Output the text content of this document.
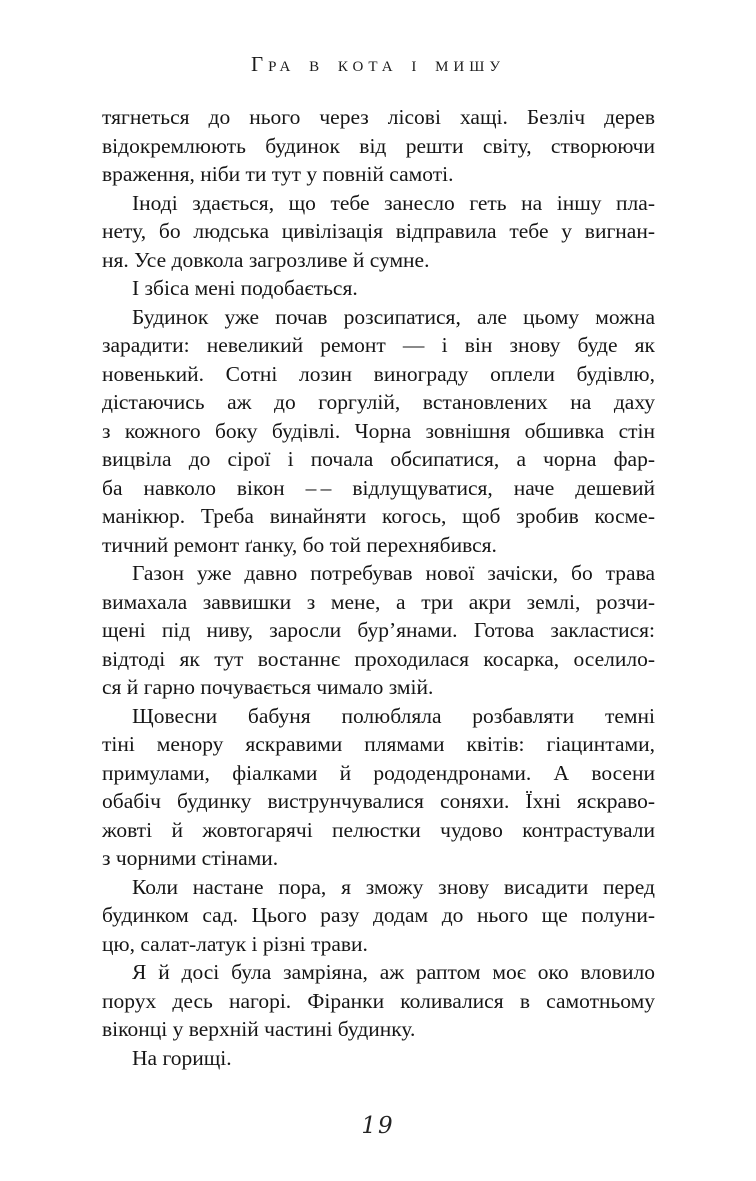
ГРА В КОТА І МИШУ
тягнеться до нього через лісові хащі. Безліч дерев
відокремлюють будинок від решти світу, створюючи
враження, ніби ти тут у повній самоті.
Іноді здається, що тебе занесло геть на іншу пла-
нету, бо людська цивілізація відправила тебе у вигнан-
ня. Усе довкола загрозливе й сумне.
І збіса мені подобається.
Будинок уже почав розсипатися, але цьому можна
зарадити: невеликий ремонт — і він знову буде як
новенький. Сотні лозин винограду оплели будівлю,
дістаючись аж до горгулій, встановлених на даху
з кожного боку будівлі. Чорна зовнішня обшивка стін
вицвіла до сірої і почала обсипатися, а чорна фар-
ба навколо вікон – – відлущуватися, наче дешевий
манікюр. Треба винайняти когось, щоб зробив косме-
тичний ремонт ґанку, бо той перехнябився.
Газон уже давно потребував нової зачіски, бо трава
вимахала заввишки з мене, а три акри землі, розчи-
щені під ниву, заросли бур’янами. Готова закластися:
відтоді як тут востаннє проходилася косарка, оселило-
ся й гарно почувається чимало змій.
Щовесни бабуня полюбляла розбавляти темні
тіні менору яскравими плямами квітів: гіацинтами,
примулами, фіалками й рододендронами. А восени
обабіч будинку виструнчувалися соняхи. Їхні яскраво-
жовті й жовтогарячі пелюстки чудово контрастували
з чорними стінами.
Коли настане пора, я зможу знову висадити перед
будинком сад. Цього разу додам до нього ще полуни-
цю, салат-латук і різні трави.
Я й досі була замріяна, аж раптом моє око вловило
порух десь нагорі. Фіранки коливалися в самотньому
віконці у верхній частині будинку.
На горищі.
19
